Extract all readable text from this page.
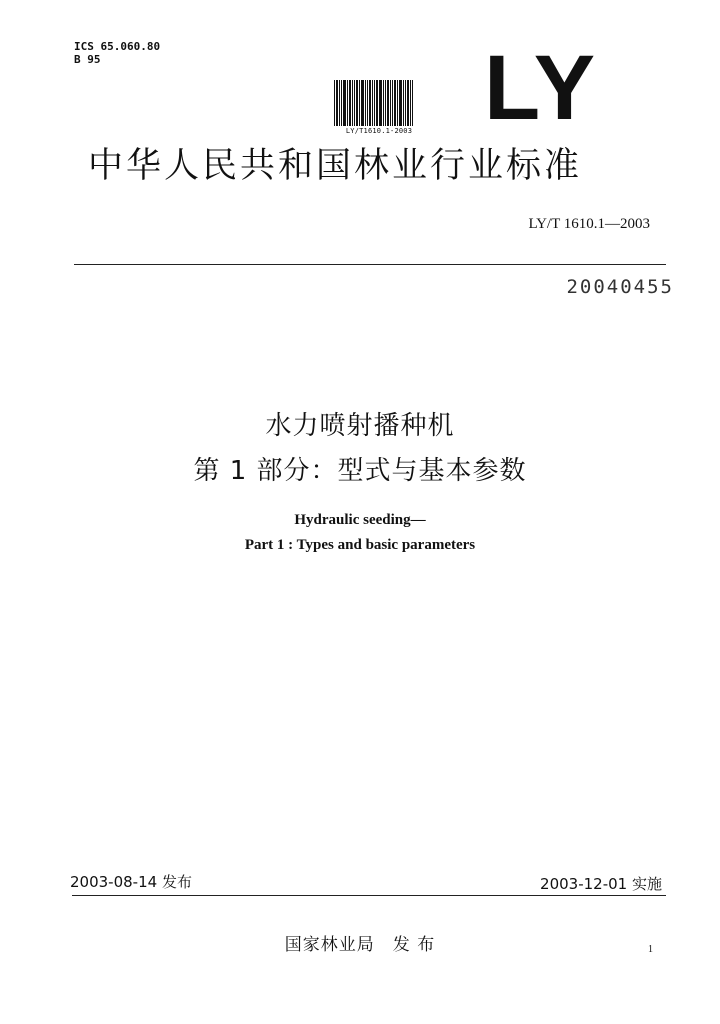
ICS 65.060.80
B 95
LY/T1610.1-2003 LY
中华人民共和国林业行业标准
LY/T 1610.1—2003
20040455
水力喷射播种机
第 1 部分：型式与基本参数
Hydraulic seeding—
Part 1 : Types and basic parameters
2003-08-14 发布	2003-12-01 实施
国家林业局 发 布	1
